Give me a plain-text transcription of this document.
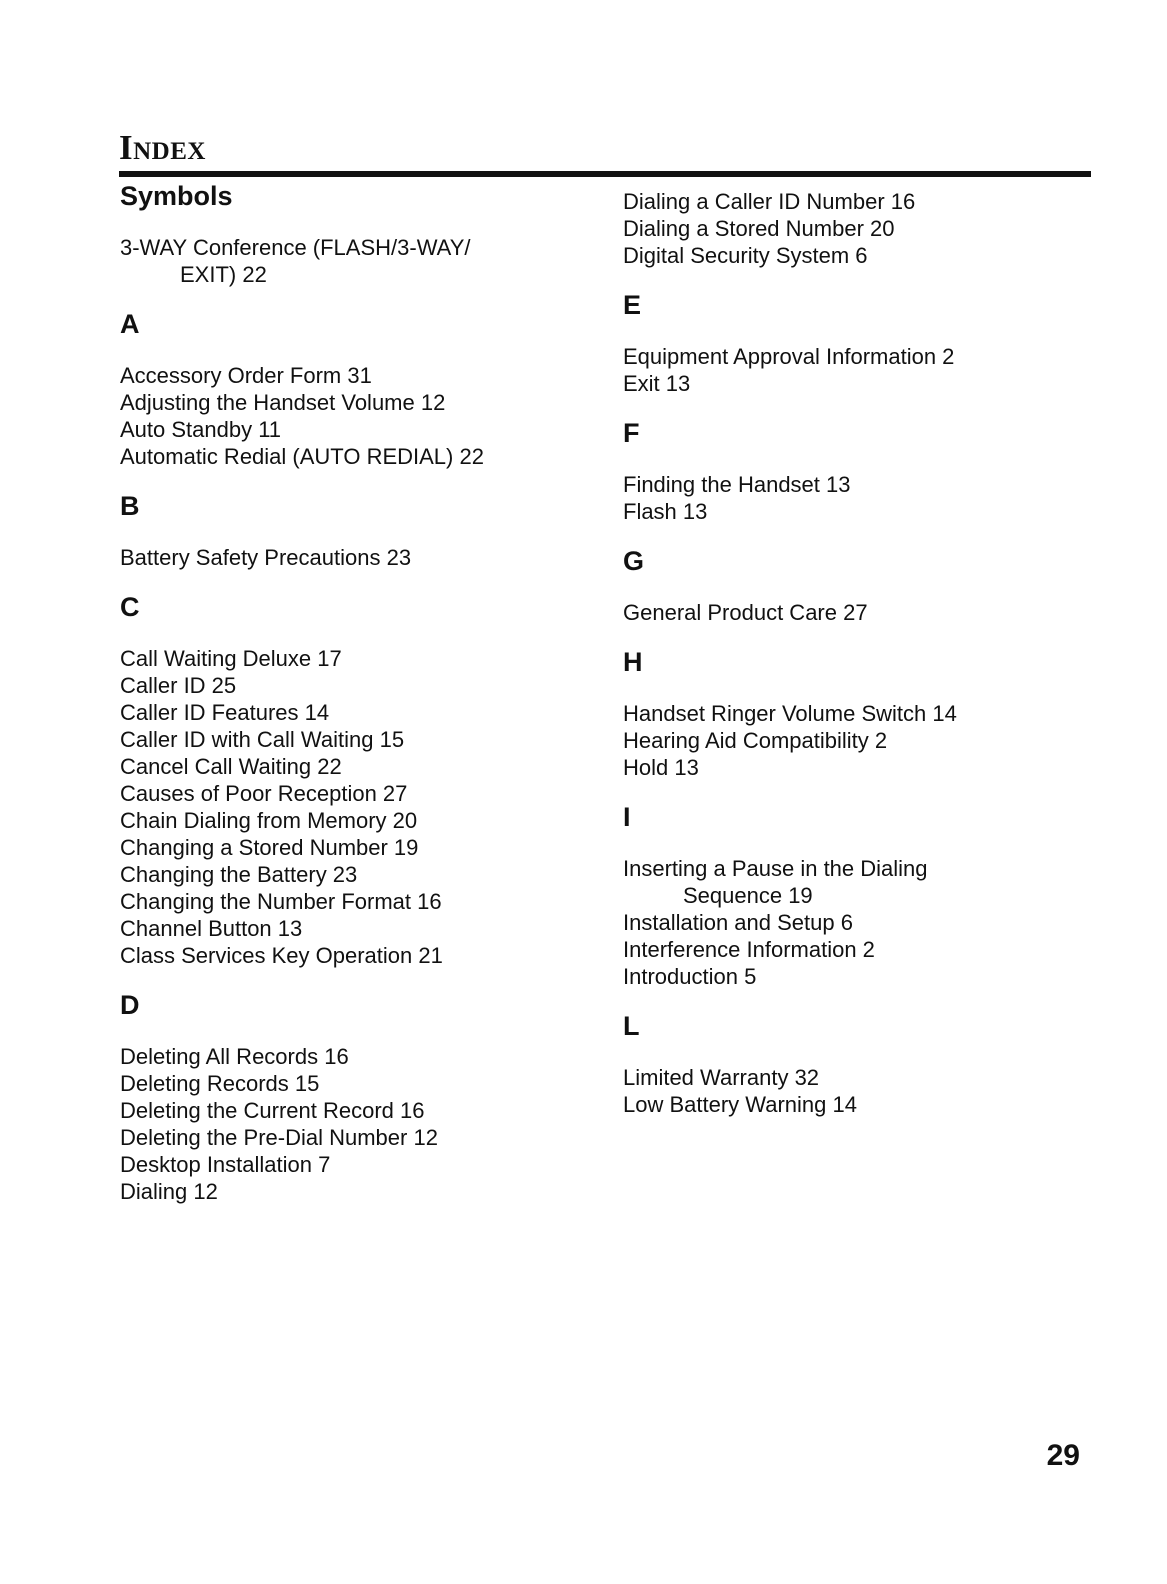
Index
Symbols
3-WAY Conference (FLASH/3-WAY/
EXIT) 22
A
Accessory Order Form 31
Adjusting the Handset Volume 12
Auto Standby 11
Automatic Redial (AUTO REDIAL) 22
B
Battery Safety Precautions 23
C
Call Waiting Deluxe 17
Caller ID 25
Caller ID Features 14
Caller ID with Call Waiting 15
Cancel Call Waiting 22
Causes of Poor Reception 27
Chain Dialing from Memory 20
Changing a Stored Number 19
Changing the Battery 23
Changing the Number Format 16
Channel Button 13
Class Services Key Operation 21
D
Deleting All Records 16
Deleting Records 15
Deleting the Current Record 16
Deleting the Pre-Dial Number 12
Desktop Installation 7
Dialing 12
Dialing a Caller ID Number 16
Dialing a Stored Number 20
Digital Security System 6
E
Equipment Approval Information 2
Exit 13
F
Finding the Handset 13
Flash 13
G
General Product Care 27
H
Handset Ringer Volume Switch 14
Hearing Aid Compatibility 2
Hold 13
I
Inserting a Pause in the Dialing
Sequence 19
Installation and Setup 6
Interference Information 2
Introduction 5
L
Limited Warranty 32
Low Battery Warning 14
29
